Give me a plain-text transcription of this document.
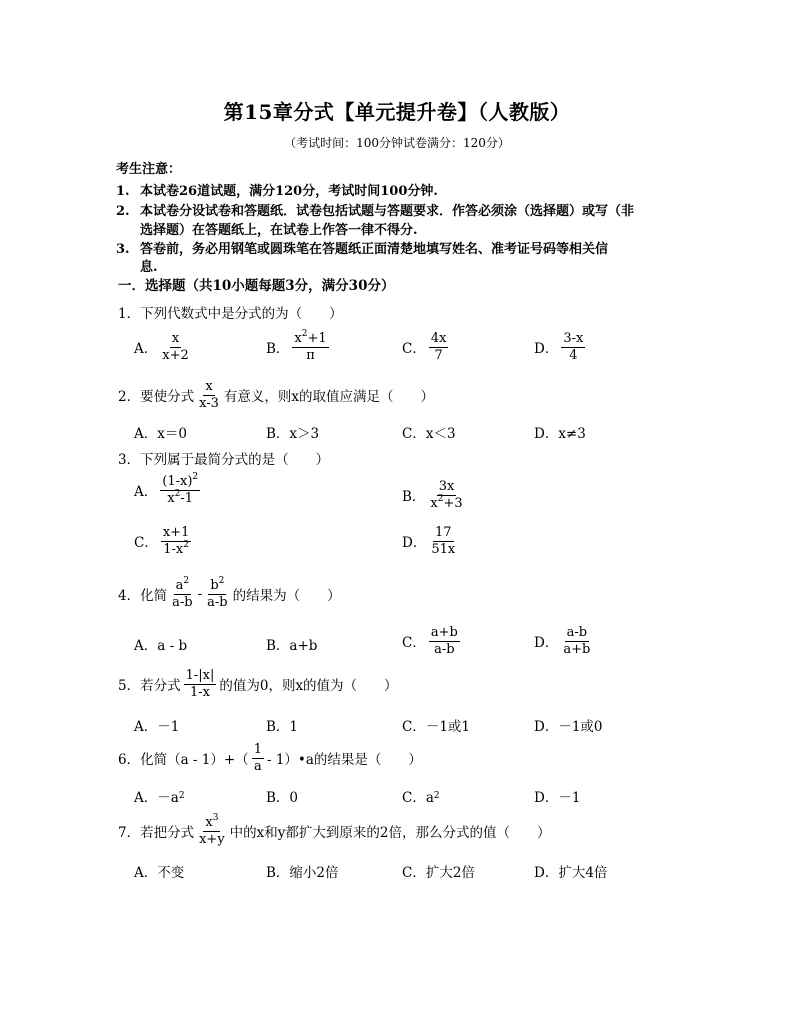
第15章分式【单元提升卷】（人教版）
（考试时间：100分钟试卷满分：120分）
考生注意：
1. 本试卷26道试题，满分120分，考试时间100分钟.
2. 本试卷分设试卷和答题纸．试卷包括试题与答题要求．作答必须涂（选择题）或写（非
选择题）在答题纸上，在试卷上作答一律不得分.
3. 答卷前，务必用钢笔或圆珠笔在答题纸正面清楚地填写姓名、准考证号码等相关信
息.
一．选择题（共10小题每题3分，满分30分）
1．下列代数式中是分式的为（　　）
A． $\frac{x}{x+2}$	B． $\frac{x^2+1}{\pi}$	C． $\frac{4x}{7}$	D． $\frac{3-x}{4}$
2．要使分式 $\frac{x}{x-3}$ 有意义，则x的取值应满足（　　）
A．x＝0	B．x＞3	C．x＜3	D．x≠3
3．下列属于最简分式的是（　　）
A． $\frac{(1-x)^2}{x^2-1}$	B． $\frac{3x}{x^2+3}$
C． $\frac{x+1}{1-x^2}$	D． $\frac{17}{51x}$
4．化简 $\frac{a^2}{a-b} - \frac{b^2}{a-b}$ 的结果为（　　）
A．a - b	B．a+b	C． $\frac{a+b}{a-b}$	D． $\frac{a-b}{a+b}$
5．若分式 $\frac{1-|x|}{1-x}$ 的值为0，则x的值为（　　）
A．－1	B．1	C．－1或1	D．－1或0
6．化简$(a - 1)+( \frac{1}{a}$ - 1）•a的结果是（　　）
A．－a 2	B．0	C．a 2	D．－1
7．若把分式 $\frac{x^3}{x+y}$ 中的x和y都扩大到原来的2倍，那么分式的值（　　）
A．不变	B．缩小2倍	C．扩大2倍	D．扩大4倍
